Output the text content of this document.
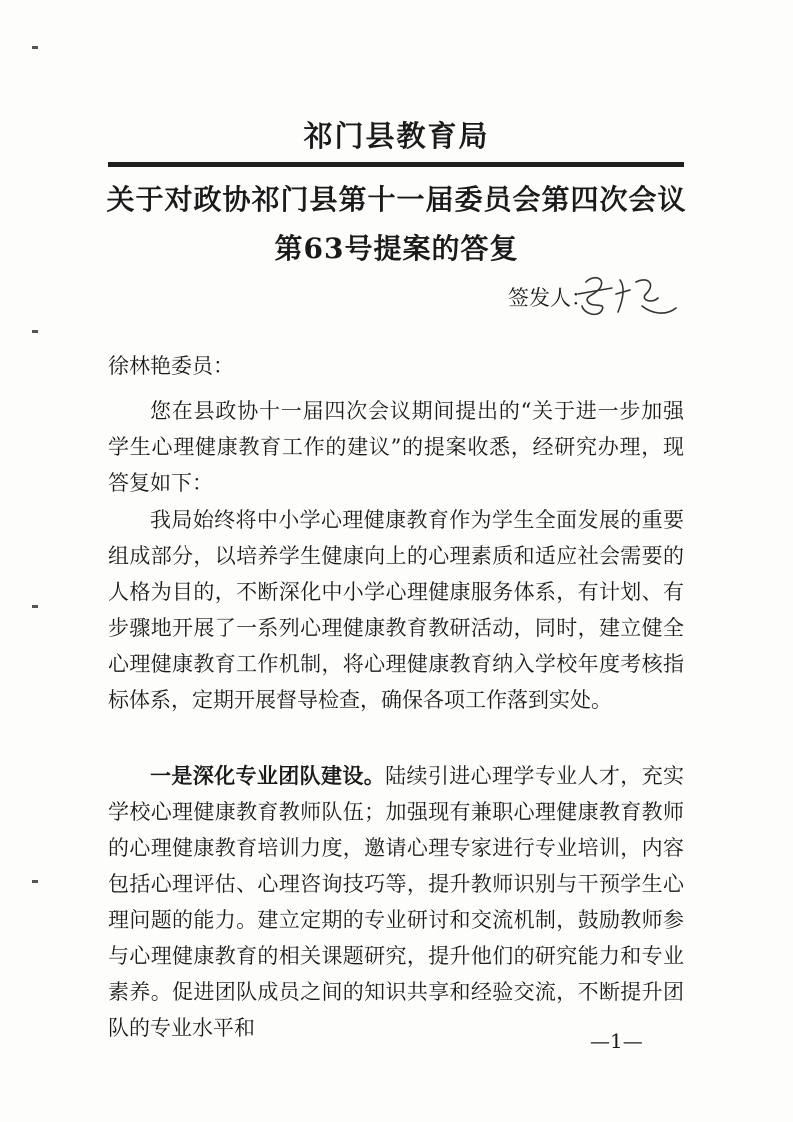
祁门县教育局
关于对政协祁门县第十一届委员会第四次会议
第63号提案的答复
签发人：
徐林艳委员：

您在县政协十一届四次会议期间提出的“关于进一步加强学生心理健康教育工作的建议”的提案收悉，经研究办理，现答复如下：

我局始终将中小学心理健康教育作为学生全面发展的重要组成部分，以培养学生健康向上的心理素质和适应社会需要的人格为目的，不断深化中小学心理健康服务体系，有计划、有步骤地开展了一系列心理健康教育教研活动，同时，建立健全心理健康教育工作机制，将心理健康教育纳入学校年度考核指标体系，定期开展督导检查，确保各项工作落到实处。

一是深化专业团队建设。陆续引进心理学专业人才，充实学校心理健康教育教师队伍；加强现有兼职心理健康教育教师的心理健康教育培训力度，邀请心理专家进行专业培训，内容包括心理评估、心理咨询技巧等，提升教师识别与干预学生心理问题的能力。建立定期的专业研讨和交流机制，鼓励教师参与心理健康教育的相关课题研究，提升他们的研究能力和专业素养。促进团队成员之间的知识共享和经验交流，不断提升团队的专业水平和

—1—
